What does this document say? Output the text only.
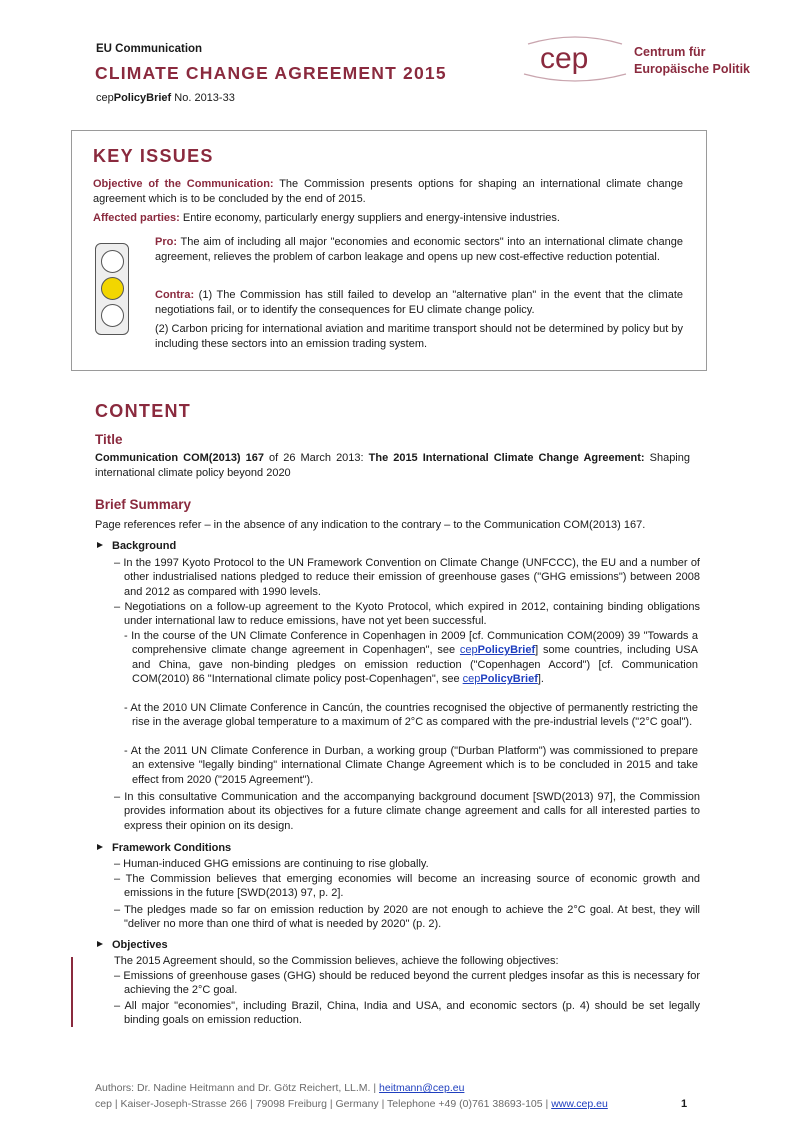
EU Communication
CLIMATE CHANGE AGREEMENT 2015
cepPolicyBrief No. 2013-33
cep	Centrum für
Europäische Politik
KEY ISSUES
Objective of the Communication: The Commission presents options for shaping an international climate change agreement which is to be concluded by the end of 2015.
Affected parties: Entire economy, particularly energy suppliers and energy-intensive industries.
Pro: The aim of including all major "economies and economic sectors" into an international climate change agreement, relieves the problem of carbon leakage and opens up new cost-effective reduction potential.
Contra: (1) The Commission has still failed to develop an "alternative plan" in the event that the climate negotiations fail, or to identify the consequences for EU climate change policy.
(2) Carbon pricing for international aviation and maritime transport should not be determined by policy but by including these sectors into an emission trading system.
CONTENT
Title
Communication COM(2013) 167 of 26 March 2013: The 2015 International Climate Change Agreement: Shaping international climate policy beyond 2020
Brief Summary
Page references refer – in the absence of any indication to the contrary – to the Communication COM(2013) 167.
Background
– In the 1997 Kyoto Protocol to the UN Framework Convention on Climate Change (UNFCCC), the EU and a number of other industrialised nations pledged to reduce their emission of greenhouse gases ("GHG emissions") between 2008 and 2012 as compared with 1990 levels.
– Negotiations on a follow-up agreement to the Kyoto Protocol, which expired in 2012, containing binding obligations under international law to reduce emissions, have not yet been successful.
- In the course of the UN Climate Conference in Copenhagen in 2009 [cf. Communication COM(2009) 39 "Towards a comprehensive climate change agreement in Copenhagen", see cepPolicyBrief] some countries, including USA and China, gave non-binding pledges on emission reduction ("Copenhagen Accord") [cf. Communication COM(2010) 86 "International climate policy post-Copenhagen", see cepPolicyBrief].
- At the 2010 UN Climate Conference in Cancún, the countries recognised the objective of permanently restricting the rise in the average global temperature to a maximum of 2°C as compared with the pre-industrial levels ("2°C goal").
- At the 2011 UN Climate Conference in Durban, a working group ("Durban Platform") was commissioned to prepare an extensive "legally binding" international Climate Change Agreement which is to be concluded in 2015 and take effect from 2020 ("2015 Agreement").
– In this consultative Communication and the accompanying background document [SWD(2013) 97], the Commission provides information about its objectives for a future climate change agreement and calls for all interested parties to express their opinion on its design.
Framework Conditions
– Human-induced GHG emissions are continuing to rise globally.
– The Commission believes that emerging economies will become an increasing source of economic growth and emissions in the future [SWD(2013) 97, p. 2].
– The pledges made so far on emission reduction by 2020 are not enough to achieve the 2°C goal. At best, they will "deliver no more than one third of what is needed by 2020" (p. 2).
Objectives
The 2015 Agreement should, so the Commission believes, achieve the following objectives:
– Emissions of greenhouse gases (GHG) should be reduced beyond the current pledges insofar as this is necessary for achieving the 2°C goal.
– All major "economies", including Brazil, China, India and USA, and economic sectors (p. 4) should be set legally binding goals on emission reduction.
Authors: Dr. Nadine Heitmann and Dr. Götz Reichert, LL.M. | heitmann@cep.eu
cep | Kaiser-Joseph-Strasse 266 | 79098 Freiburg | Germany | Telephone +49 (0)761 38693-105 | www.cep.eu	1
